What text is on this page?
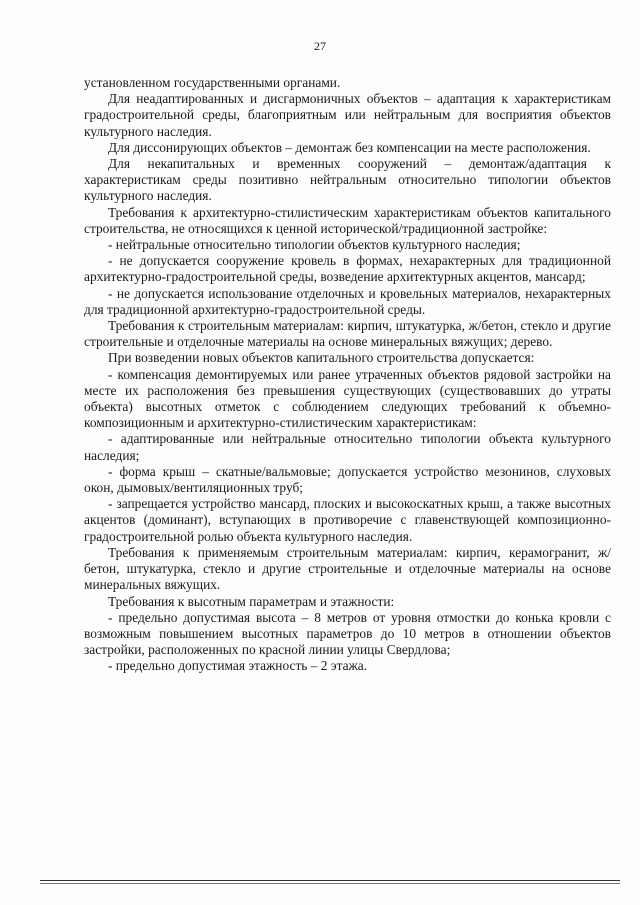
27

установленном государственными органами.

Для неадаптированных и дисгармоничных объектов – адаптация к характеристикам градостроительной среды, благоприятным или нейтральным для восприятия объектов культурного наследия.

Для диссонирующих объектов – демонтаж без компенсации на месте расположения.

Для некапитальных и временных сооружений – демонтаж/адаптация к характеристикам среды позитивно нейтральным относительно типологии объектов культурного наследия.

Требования к архитектурно-стилистическим характеристикам объектов капитального строительства, не относящихся к ценной исторической/традиционной застройке:

- нейтральные относительно типологии объектов культурного наследия;

- не допускается сооружение кровель в формах, нехарактерных для традиционной архитектурно-градостроительной среды, возведение архитектурных акцентов, мансард;

- не допускается использование отделочных и кровельных материалов, нехарактерных для традиционной архитектурно-градостроительной среды.

Требования к строительным материалам: кирпич, штукатурка, ж/бетон, стекло и другие строительные и отделочные материалы на основе минеральных вяжущих; дерево.

При возведении новых объектов капитального строительства допускается:

- компенсация демонтируемых или ранее утраченных объектов рядовой застройки на месте их расположения без превышения существующих (существовавших до утраты объекта) высотных отметок с соблюдением следующих требований к объемно-композиционным и архитектурно-стилистическим характеристикам:

- адаптированные или нейтральные относительно типологии объекта культурного наследия;

- форма крыш – скатные/вальмовые; допускается устройство мезонинов, слуховых окон, дымовых/вентиляционных труб;

- запрещается устройство мансард, плоских и высокоскатных крыш, а также высотных акцентов (доминант), вступающих в противоречие с главенствующей композиционно-градостроительной ролью объекта культурного наследия.

Требования к применяемым строительным материалам: кирпич, керамогранит, ж/бетон, штукатурка, стекло и другие строительные и отделочные материалы на основе минеральных вяжущих.

Требования к высотным параметрам и этажности:

- предельно допустимая высота – 8 метров от уровня отмостки до конька кровли с возможным повышением высотных параметров до 10 метров в отношении объектов застройки, расположенных по красной линии улицы Свердлова;

- предельно допустимая этажность – 2 этажа.
